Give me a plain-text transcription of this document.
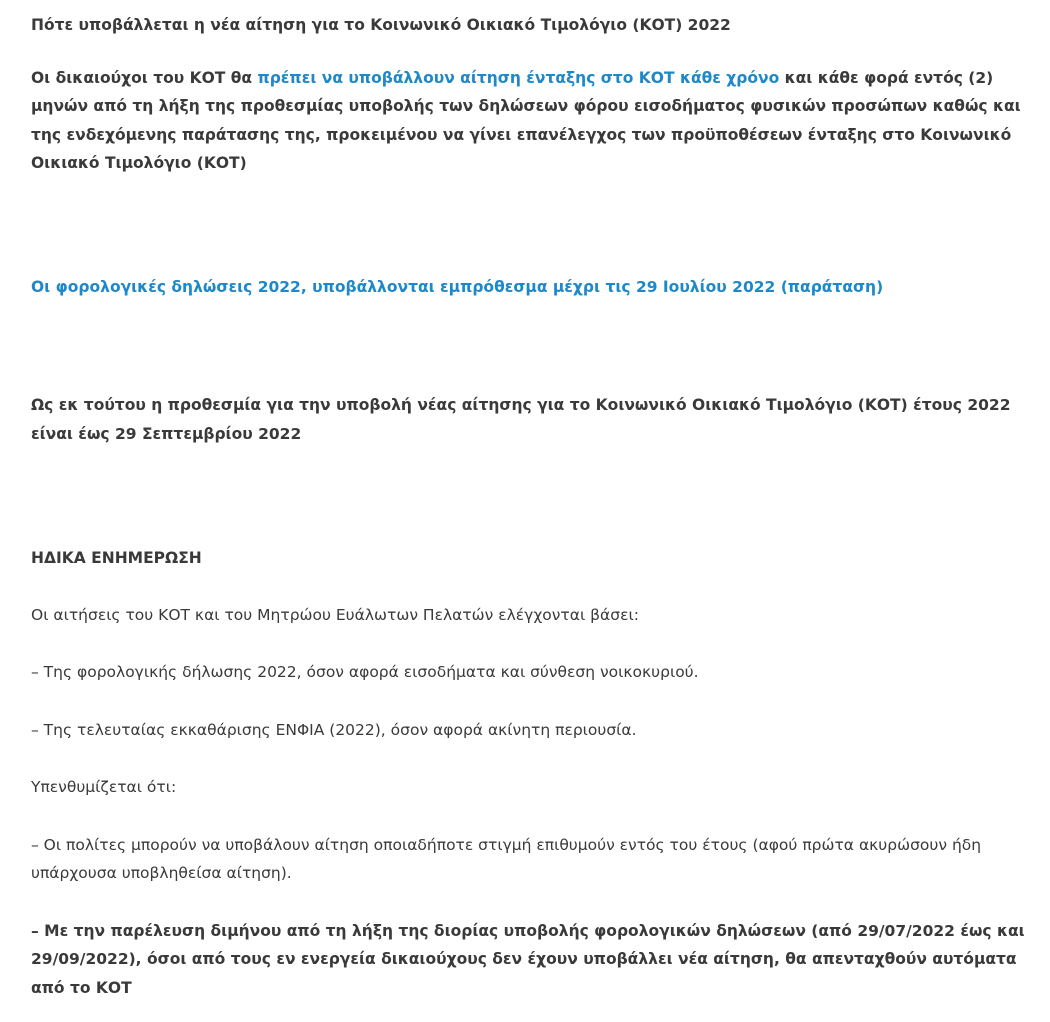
Πότε υποβάλλεται η νέα αίτηση για το Κοινωνικό Οικιακό Τιμολόγιο (ΚΟΤ) 2022

Οι δικαιούχοι του ΚΟΤ θα πρέπει να υποβάλλουν αίτηση ένταξης στο ΚΟΤ κάθε χρόνο και κάθε φορά εντός (2) μηνών από τη λήξη της προθεσμίας υποβολής των δηλώσεων φόρου εισοδήματος φυσικών προσώπων καθώς και της ενδεχόμενης παράτασης της, προκειμένου να γίνει επανέλεγχος των προϋποθέσεων ένταξης στο Κοινωνικό Οικιακό Τιμολόγιο (ΚΟΤ)

Οι φορολογικές δηλώσεις 2022, υποβάλλονται εμπρόθεσμα μέχρι τις 29 Ιουλίου 2022 (παράταση)

Ως εκ τούτου η προθεσμία για την υποβολή νέας αίτησης για το Κοινωνικό Οικιακό Τιμολόγιο (ΚΟΤ) έτους 2022 είναι έως 29 Σεπτεμβρίου 2022

ΗΔΙΚΑ ΕΝΗΜΕΡΩΣΗ

Οι αιτήσεις του ΚΟΤ και του Μητρώου Ευάλωτων Πελατών ελέγχονται βάσει:

– Της φορολογικής δήλωσης 2022, όσον αφορά εισοδήματα και σύνθεση νοικοκυριού.

– Της τελευταίας εκκαθάρισης ΕΝΦΙΑ (2022), όσον αφορά ακίνητη περιουσία.

Υπενθυμίζεται ότι:

– Οι πολίτες μπορούν να υποβάλουν αίτηση οποιαδήποτε στιγμή επιθυμούν εντός του έτους (αφού πρώτα ακυρώσουν ήδη υπάρχουσα υποβληθείσα αίτηση).

– Με την παρέλευση διμήνου από τη λήξη της διορίας υποβολής φορολογικών δηλώσεων (από 29/07/2022 έως και 29/09/2022), όσοι από τους εν ενεργεία δικαιούχους δεν έχουν υποβάλλει νέα αίτηση, θα απενταχθούν αυτόματα από το ΚΟΤ
